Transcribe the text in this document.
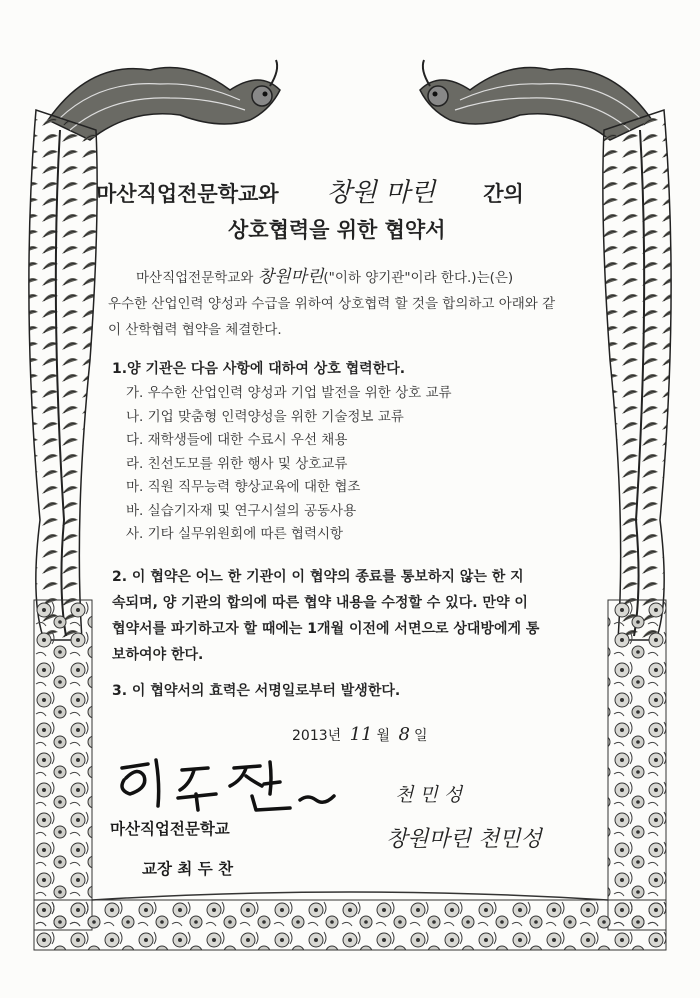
마산직업전문학교와 창원 마린 간의
상호협력을 위한 협약서
마산직업전문학교와 창원마린("이하 양기관"이라 한다.)는(은)
우수한 산업인력 양성과 수급을 위하여 상호협력 할 것을 합의하고 아래와 같
이 산학협력 협약을 체결한다.
1.양 기관은 다음 사항에 대하여 상호 협력한다.
가. 우수한 산업인력 양성과 기업 발전을 위한 상호 교류
나. 기업 맞춤형 인력양성을 위한 기술정보 교류
다. 재학생들에 대한 수료시 우선 채용
라. 친선도모를 위한 행사 및 상호교류
마. 직원 직무능력 향상교육에 대한 협조
바. 실습기자재 및 연구시설의 공동사용
사. 기타 실무위원회에 따른 협력시항
2. 이 협약은 어느 한 기관이 이 협약의 종료를 통보하지 않는 한 지
속되며, 양 기관의 합의에 따른 협약 내용을 수정할 수 있다. 만약 이
협약서를 파기하고자 할 때에는 1개월 이전에 서면으로 상대방에게 통
보하여야 한다.
3. 이 협약서의 효력은 서명일로부터 발생한다.
2013년 11 월 8 일
마산직업전문학교
교장 최 두 찬
천 민 성
창원마린 천민성
